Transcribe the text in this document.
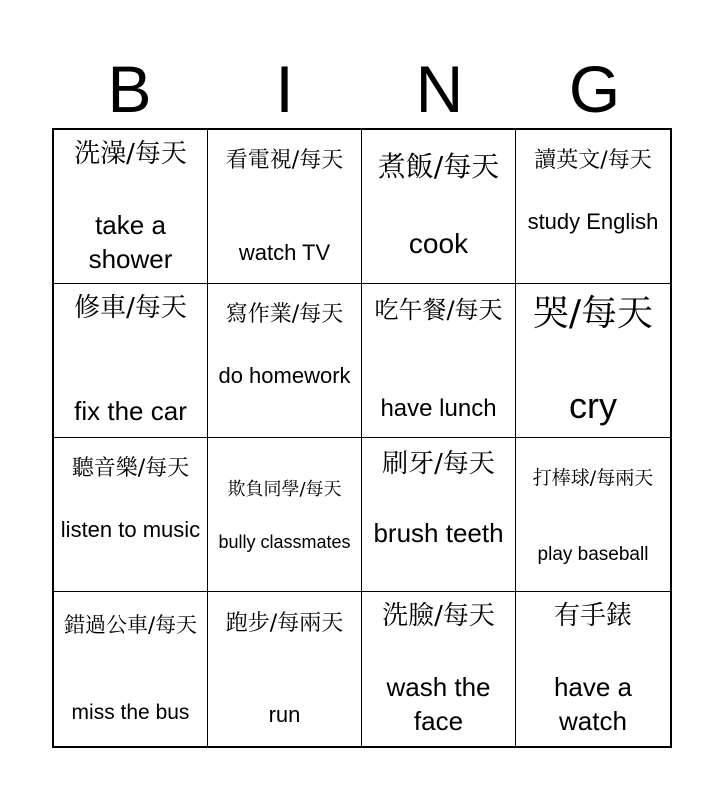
B	I	N	G
洗澡/每天
take a shower
看電視/每天
watch TV
煮飯/每天
cook
讀英文/每天
study English
修車/每天
fix the car
寫作業/每天
do homework
吃午餐/每天
have lunch
哭/每天
cry
聽音樂/每天
listen to music
欺負同學/每天
bully classmates
刷牙/每天
brush teeth
打棒球/每兩天
play baseball
錯過公車/每天
miss the bus
跑步/每兩天
run
洗臉/每天
wash the face
有手錶
have a watch
